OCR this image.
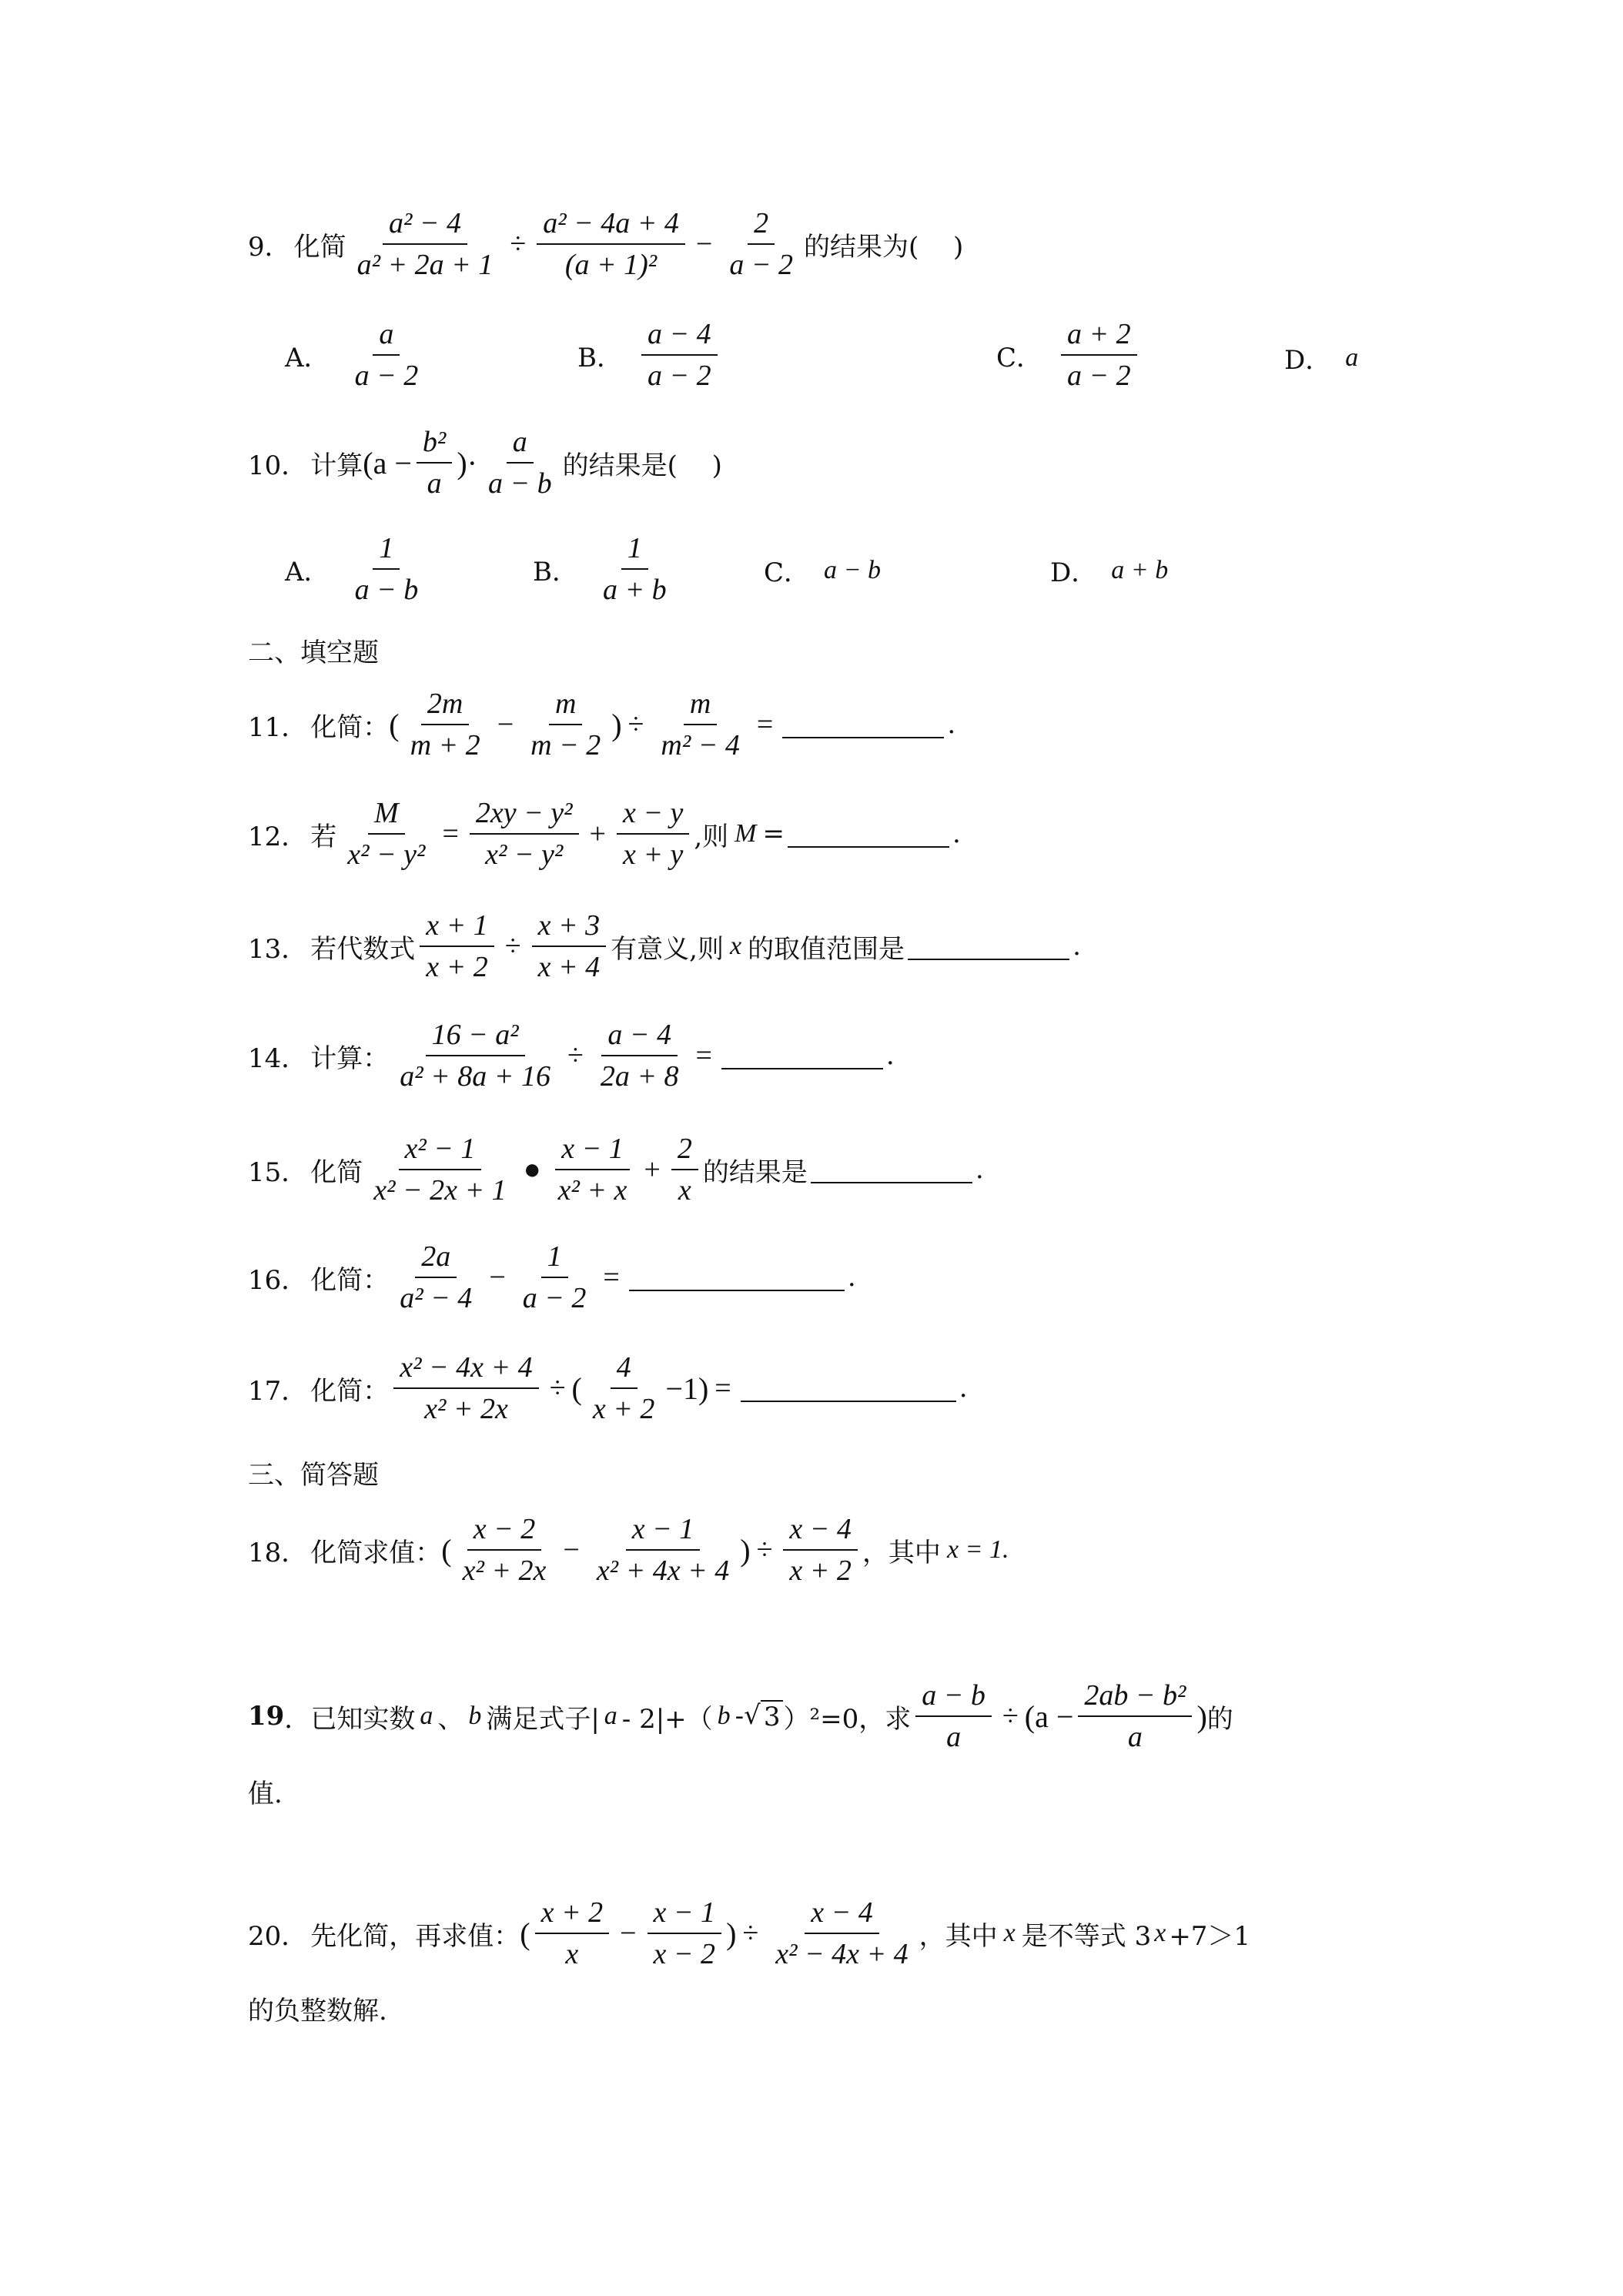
9． 化简 $\frac{\text{a² − 4}}{\text{a² + 2a + 1}} \div \frac{\text{a² − 4a + 4}}{\text{(a + 1)²}} - \frac{2}{a - 2}$ 的结果为(　 )
A． $\frac{a}{a - 2}$	B． $\frac{a - 4}{a - 2}$	C． $\frac{a + 2}{a - 2}$	D． a
10． 计算 ($a - \frac{\text{b²}}{a}$ )· $\frac{a}{a - b}$ 的结果是(　 )
A． $\frac{1}{a - b}$	B． $\frac{1}{a + b}$	C． a − b	D． a + b
二、填空题
11． 化简： ( $\frac{2m}{m + 2} - \frac{m}{m - 2}$ ) ÷ $\frac{m}{\text{m² − 4}}$ =	.
12． 若 $\frac{M}{\text{x² − y²}} = \frac{\text{2xy − y²}}{\text{x² − y²}} + \frac{x - y}{x + y}$ ,则 M =	.
13． 若代数式 $\frac{x + 1}{x + 2} \div \frac{x + 3}{x + 4}$ 有意义,则 x 的取值范围是	.
14． 计算： $\frac{\text{16 − a²}}{\text{a² + 8a + 16}} \div \frac{a - 4}{2a + 8}$ =	.
15． 化简 $\frac{\text{x² − 1}}{\text{x² − 2x + 1}}$ ● $\frac{x - 1}{\text{x² + x}} + \frac{2}{x}$ 的结果是	.
16． 化简： $\frac{2a}{\text{a² − 4}} - \frac{1}{a - 2}$ =	.
17． 化简： $\frac{\text{x² − 4x + 4}}{\text{x² + 2x}}$ ÷ ( $\frac{4}{x + 2} -1$) =	.
三、简答题
18． 化简求值： ( $\frac{x - 2}{\text{x² + 2x}} - \frac{x - 1}{\text{x² + 4x + 4}}$ ) ÷ $\frac{x - 4}{x + 2}$ ，其中 x = 1.
19 ．已知实数 a 、 b 满足式子| a - 2|+（ b - √ 3 ）²=0，求 $\frac{a - b}{a} \div (a - \frac{\text{2ab − b²}}{a}$ ) 的
值.
20． 先化简，再求值： ( $\frac{x + 2}{x} - \frac{x - 1}{x - 2}$ ) ÷ $\frac{x - 4}{\text{x² − 4x + 4}}$ ，其中 x 是不等式 3 x +7＞1
的负整数解.
